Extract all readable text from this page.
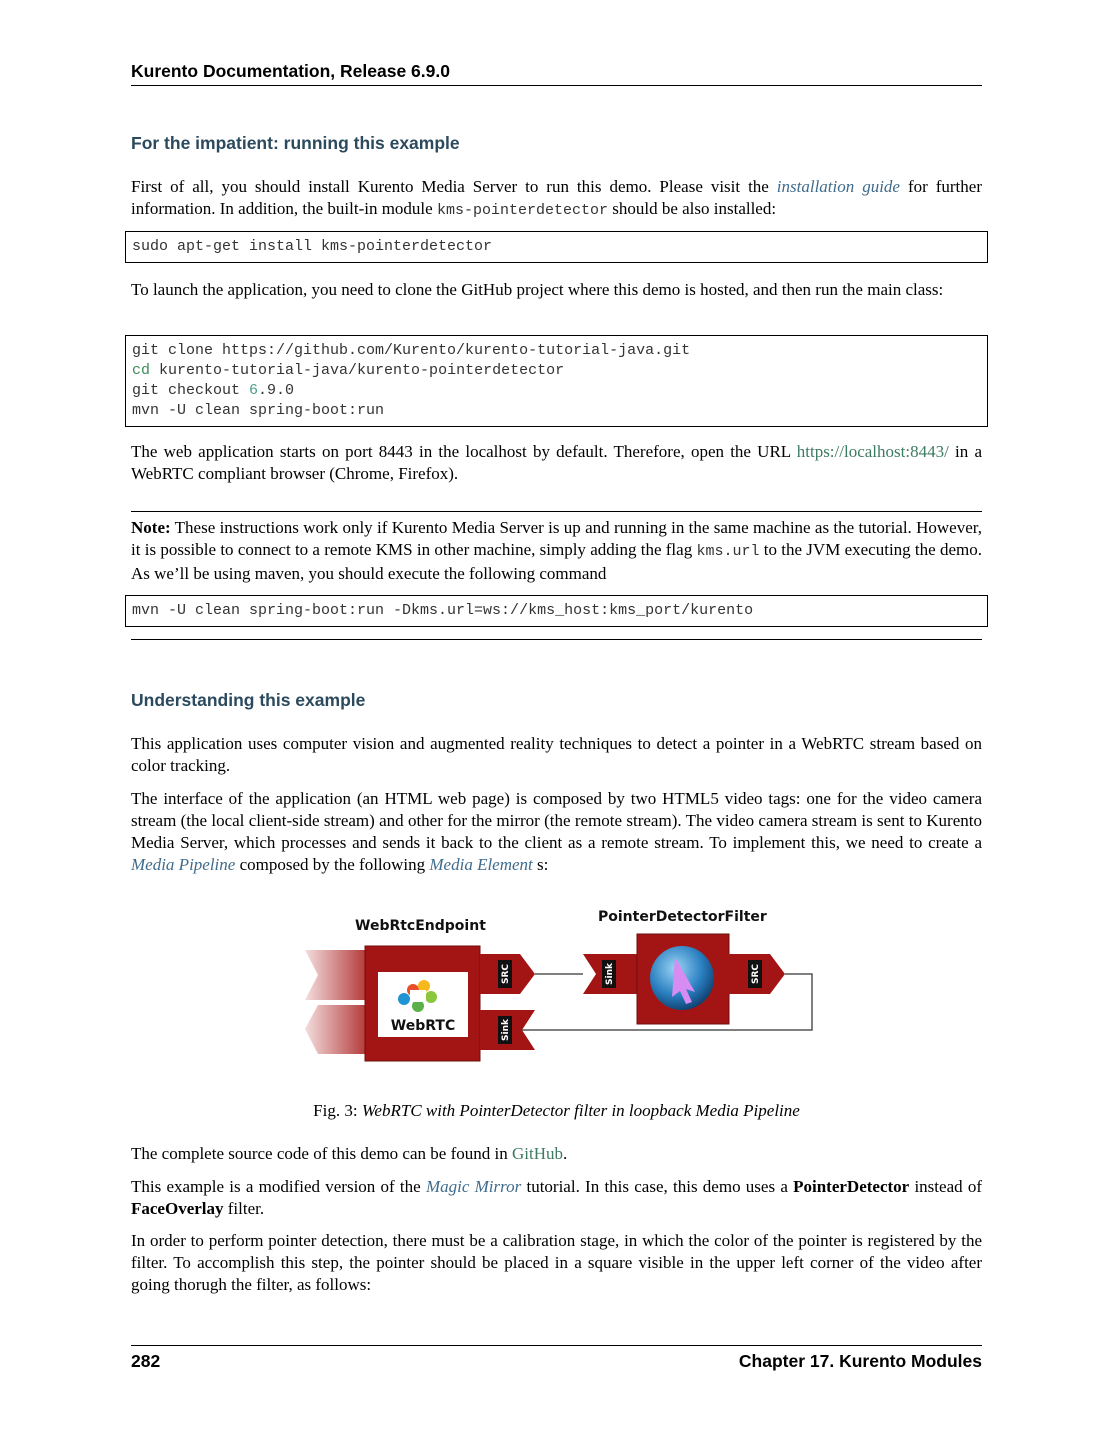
Kurento Documentation, Release 6.9.0
For the impatient: running this example

First of all, you should install Kurento Media Server to run this demo. Please visit the installation guide for further information. In addition, the built-in module kms-pointerdetector should be also installed:

sudo apt-get install kms-pointerdetector

To launch the application, you need to clone the GitHub project where this demo is hosted, and then run the main class:

git clone https://github.com/Kurento/kurento-tutorial-java.git
cd kurento-tutorial-java/kurento-pointerdetector
git checkout 6.9.0
mvn -U clean spring-boot:run

The web application starts on port 8443 in the localhost by default. Therefore, open the URL https://localhost:8443/ in a WebRTC compliant browser (Chrome, Firefox).

Note: These instructions work only if Kurento Media Server is up and running in the same machine as the tutorial. However, it is possible to connect to a remote KMS in other machine, simply adding the flag kms.url to the JVM executing the demo. As we’ll be using maven, you should execute the following command

mvn -U clean spring-boot:run -Dkms.url=ws://kms_host:kms_port/kurento
Understanding this example

This application uses computer vision and augmented reality techniques to detect a pointer in a WebRTC stream based on color tracking.

The interface of the application (an HTML web page) is composed by two HTML5 video tags: one for the video camera stream (the local client-side stream) and other for the mirror (the remote stream). The video camera stream is sent to Kurento Media Server, which processes and sends it back to the client as a remote stream. To implement this, we need to create a Media Pipeline composed by the following Media Element s:

WebRtcEndpoint
PointerDetectorFilter
WebRTC
SRC
Sink
Sink	SRC
Fig. 3: WebRTC with PointerDetector filter in loopback Media Pipeline

The complete source code of this demo can be found in GitHub.

This example is a modified version of the Magic Mirror tutorial. In this case, this demo uses a PointerDetector instead of FaceOverlay filter.

In order to perform pointer detection, there must be a calibration stage, in which the color of the pointer is registered by the filter. To accomplish this step, the pointer should be placed in a square visible in the upper left corner of the video after going thorugh the filter, as follows:

282	Chapter 17. Kurento Modules
